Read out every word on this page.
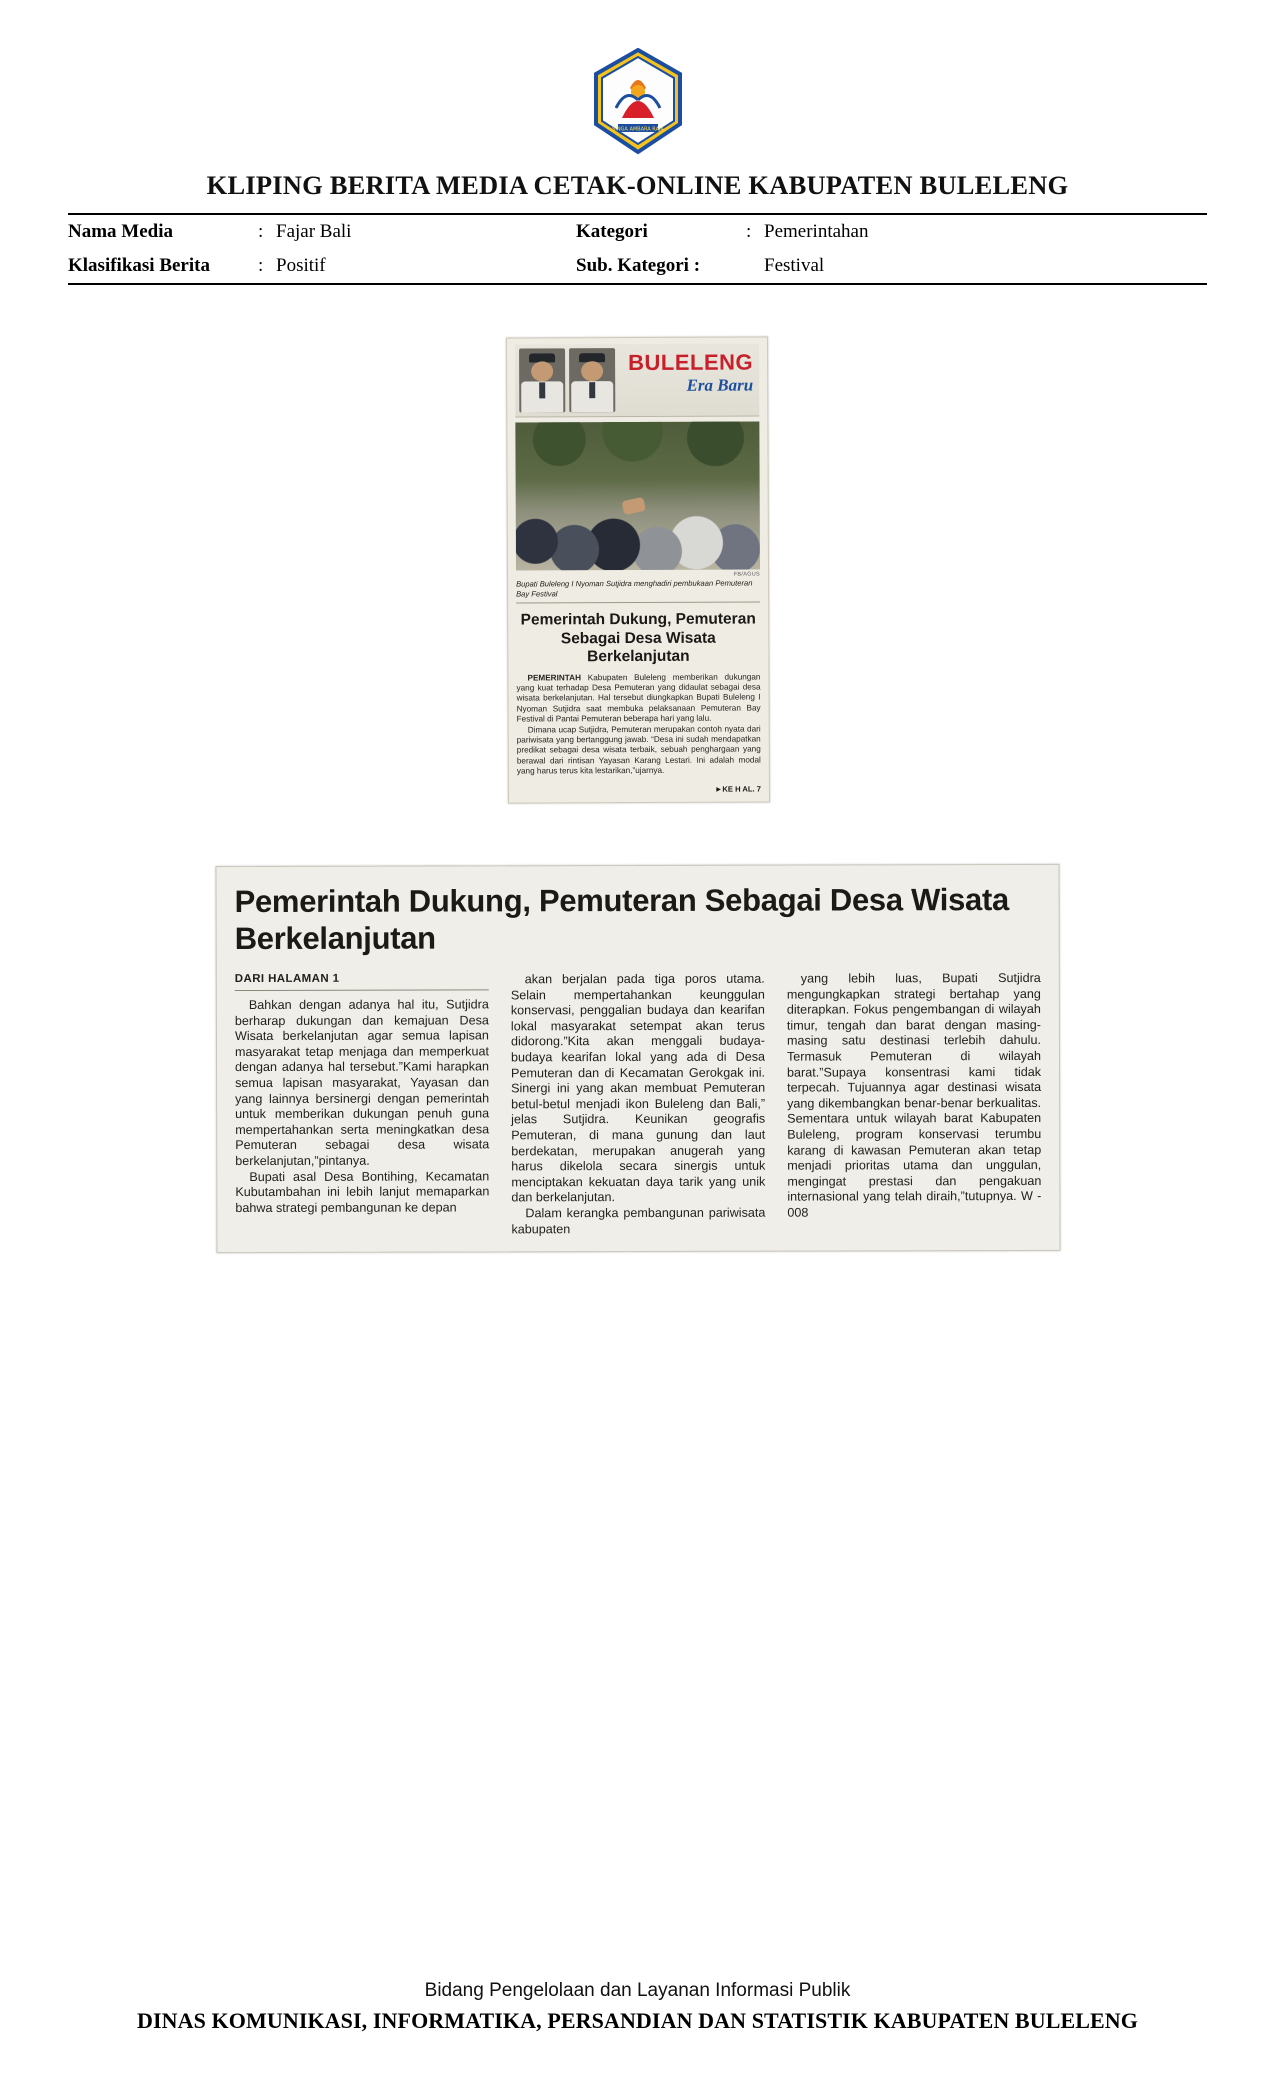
SINGA AMBARA RAJA
KLIPING BERITA MEDIA CETAK-ONLINE KABUPATEN BULELENG
Nama Media	:	Fajar Bali	Kategori	:	Pemerintahan
Klasifikasi Berita	:	Positif	Sub. Kategori :		Festival
BULELENG
Era Baru
FB/AGUS
Bupati Buleleng I Nyoman Sutjidra menghadiri pembukaan Pemuteran Bay Festival
Pemerintah Dukung, Pemuteran Sebagai Desa Wisata Berkelanjutan

PEMERINTAH Kabupaten Buleleng memberikan dukungan yang kuat terhadap Desa Pemuteran yang didaulat sebagai desa wisata berkelanjutan. Hal tersebut diungkapkan Bupati Buleleng I Nyoman Sutjidra saat membuka pelaksanaan Pemuteran Bay Festival di Pantai Pemuteran beberapa hari yang lalu.

Dimana ucap Sutjidra, Pemuteran merupakan contoh nyata dari pariwisata yang bertanggung jawab. “Desa ini sudah mendapatkan predikat sebagai desa wisata terbaik, sebuah penghargaan yang berawal dari rintisan Yayasan Karang Lestari. Ini adalah modal yang harus terus kita lestarikan,”ujarnya.

►KE H AL. 7
Pemerintah Dukung, Pemuteran Sebagai Desa Wisata Berkelanjutan
DARI HALAMAN 1

Bahkan dengan adanya hal itu, Sutjidra berharap dukungan dan kemajuan Desa Wisata berkelanjutan agar semua lapisan masyarakat tetap menjaga dan memperkuat dengan adanya hal tersebut.”Kami harapkan semua lapisan masyarakat, Yayasan dan yang lainnya bersinergi dengan pemerintah untuk memberikan dukungan penuh guna mempertahankan serta meningkatkan desa Pemuteran sebagai desa wisata berkelanjutan,”pintanya.

Bupati asal Desa Bontihing, Kecamatan Kubutambahan ini lebih lanjut memaparkan bahwa strategi pembangunan ke depan

akan berjalan pada tiga poros utama. Selain mempertahankan keunggulan konservasi, penggalian budaya dan kearifan lokal masyarakat setempat akan terus didorong.”Kita akan menggali budaya-budaya kearifan lokal yang ada di Desa Pemuteran dan di Kecamatan Gerokgak ini. Sinergi ini yang akan membuat Pemuteran betul-betul menjadi ikon Buleleng dan Bali,” jelas Sutjidra. Keunikan geografis Pemuteran, di mana gunung dan laut berdekatan, merupakan anugerah yang harus dikelola secara sinergis untuk menciptakan kekuatan daya tarik yang unik dan berkelanjutan.

Dalam kerangka pembangunan pariwisata kabupaten

yang lebih luas, Bupati Sutjidra mengungkapkan strategi bertahap yang diterapkan. Fokus pengembangan di wilayah timur, tengah dan barat dengan masing-masing satu destinasi terlebih dahulu. Termasuk Pemuteran di wilayah barat.”Supaya konsentrasi kami tidak terpecah. Tujuannya agar destinasi wisata yang dikembangkan benar-benar berkualitas. Sementara untuk wilayah barat Kabupaten Buleleng, program konservasi terumbu karang di kawasan Pemuteran akan tetap menjadi prioritas utama dan unggulan, mengingat prestasi dan pengakuan internasional yang telah diraih,”tutupnya. W - 008

Bidang Pengelolaan dan Layanan Informasi Publik
DINAS KOMUNIKASI, INFORMATIKA, PERSANDIAN DAN STATISTIK KABUPATEN BULELENG
